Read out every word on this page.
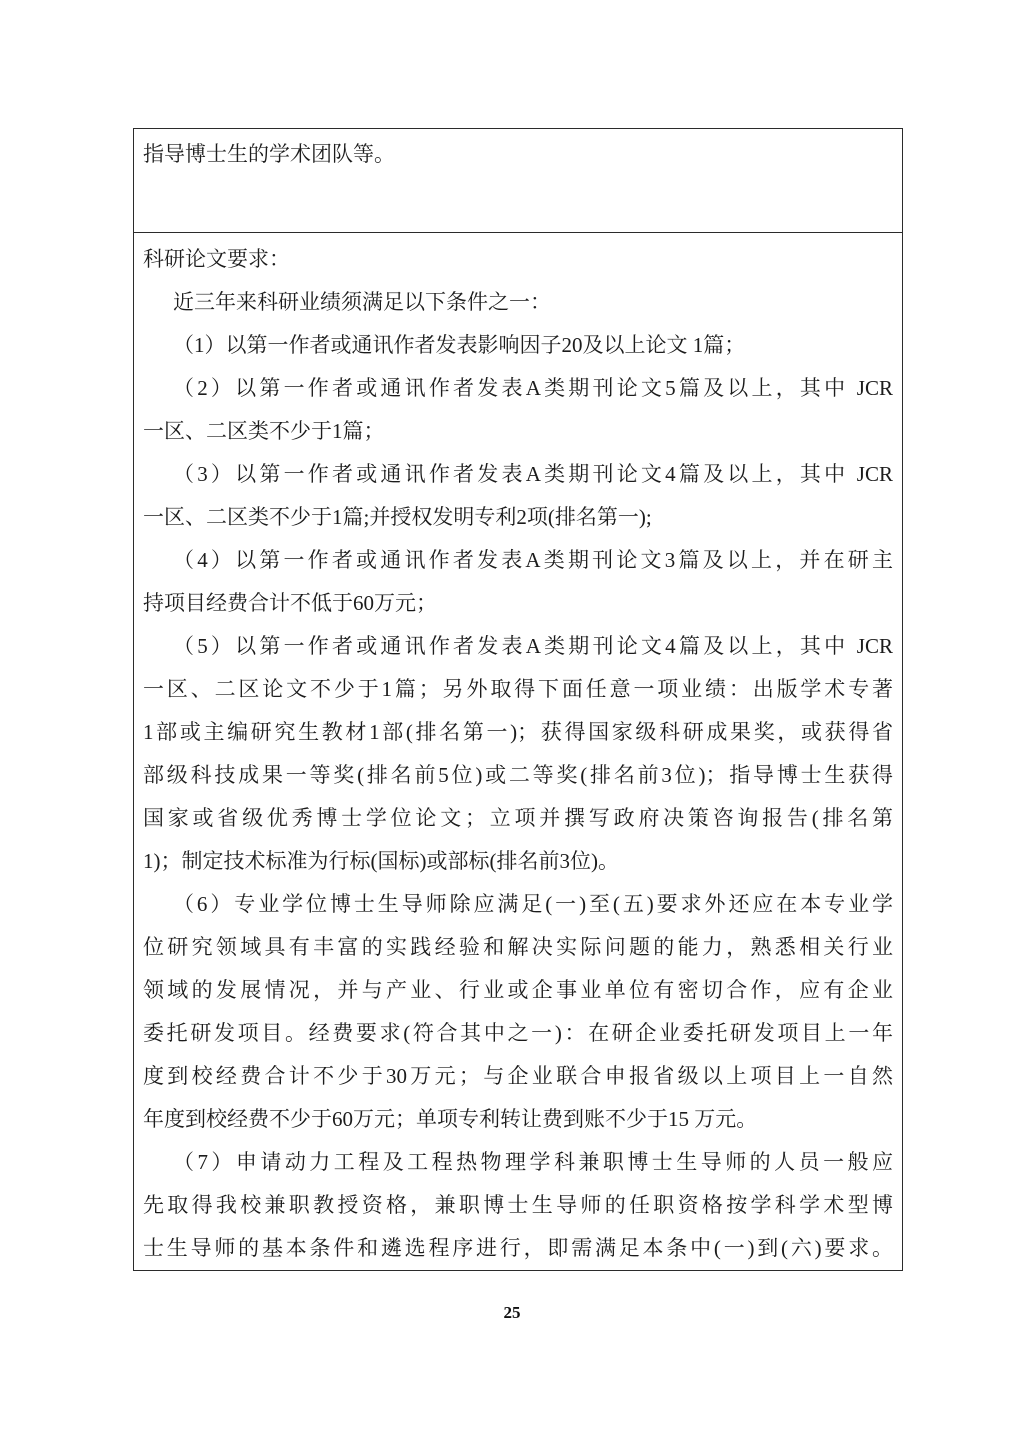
指导博士生的学术团队等。
科研论文要求：
近三年来科研业绩须满足以下条件之一：
（1）以第一作者或通讯作者发表影响因子20及以上论文 1篇；
（2）以第一作者或通讯作者发表A类期刊论文5篇及以上，其中 JCR
一区、二区类不少于1篇；
（3）以第一作者或通讯作者发表A类期刊论文4篇及以上，其中 JCR
一区、二区类不少于1篇;并授权发明专利2项(排名第一);
（4）以第一作者或通讯作者发表A类期刊论文3篇及以上，并在研主
持项目经费合计不低于60万元；
（5）以第一作者或通讯作者发表A类期刊论文4篇及以上，其中 JCR
一区、二区论文不少于1篇；另外取得下面任意一项业绩：出版学术专著
1部或主编研究生教材1部(排名第一)；获得国家级科研成果奖，或获得省
部级科技成果一等奖(排名前5位)或二等奖(排名前3位)；指导博士生获得
国家或省级优秀博士学位论文；立项并撰写政府决策咨询报告(排名第
1)；制定技术标准为行标(国标)或部标(排名前3位)。
（6）专业学位博士生导师除应满足(一)至(五)要求外还应在本专业学
位研究领域具有丰富的实践经验和解决实际问题的能力，熟悉相关行业
领域的发展情况，并与产业、行业或企事业单位有密切合作，应有企业
委托研发项目。经费要求(符合其中之一)：在研企业委托研发项目上一年
度到校经费合计不少于30万元；与企业联合申报省级以上项目上一自然
年度到校经费不少于60万元；单项专利转让费到账不少于15 万元。
（7）申请动力工程及工程热物理学科兼职博士生导师的人员一般应
先取得我校兼职教授资格，兼职博士生导师的任职资格按学科学术型博
士生导师的基本条件和遴选程序进行，即需满足本条中(一)到(六)要求。
25
